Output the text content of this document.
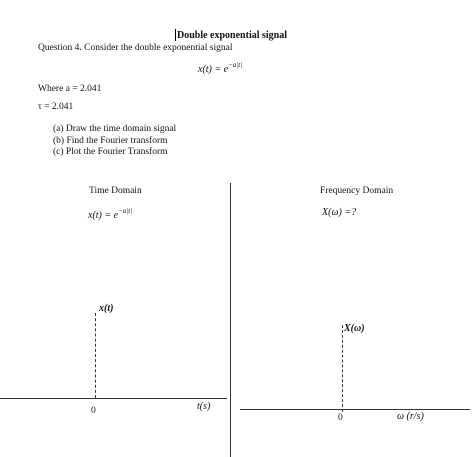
Double exponential signal
Question 4. Consider the double exponential signal
$x(t) = e^{-a|t|}$
Where a = 2.041
τ = 2.041
(a) Draw the time domain signal
(b) Find the Fourier transform
(c) Plot the Fourier Transform
Time Domain
$x(t) = e^{-a|t|}$
Frequency Domain
X(ω) =?
x(t)
0	t(s)
X(ω)
0	ω (r/s)
